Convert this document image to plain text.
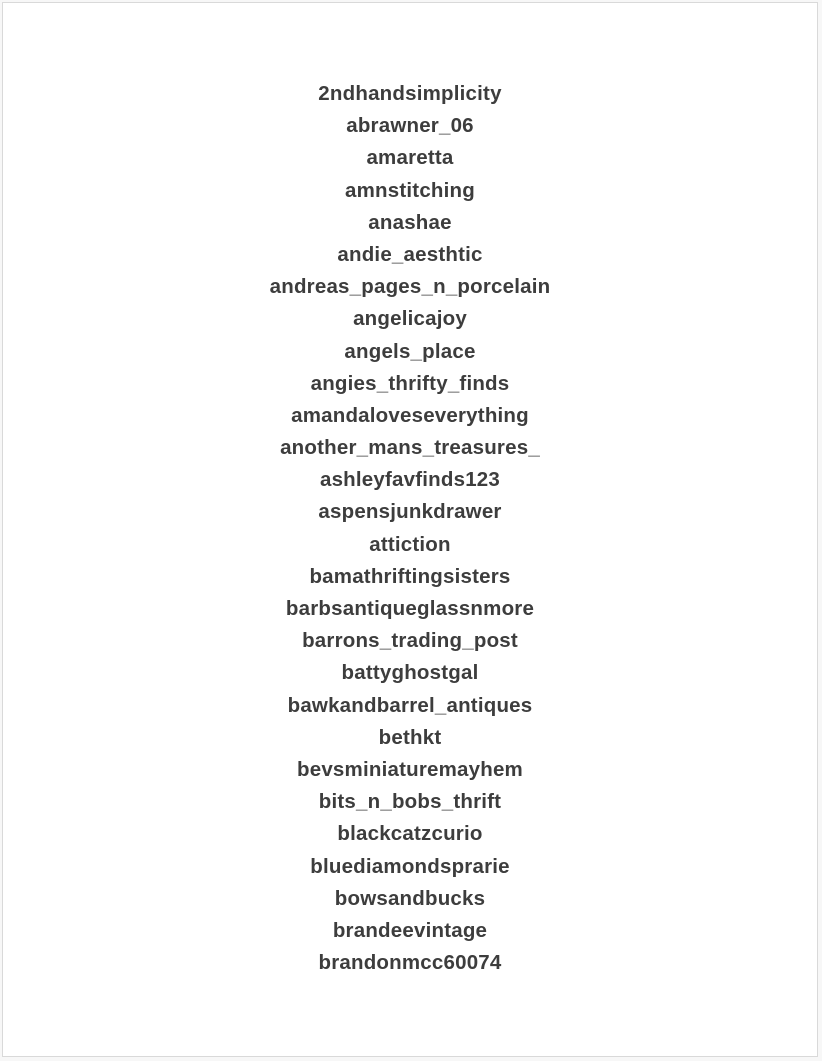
2ndhandsimplicity
abrawner_06
amaretta
amnstitching
anashae
andie_aesthtic
andreas_pages_n_porcelain
angelicajoy
angels_place
angies_thrifty_finds
amandaloveseverything
another_mans_treasures_
ashleyfavfinds123
aspensjunkdrawer
attiction
bamathriftingsisters
barbsantiqueglassnmore
barrons_trading_post
battyghostgal
bawkandbarrel_antiques
bethkt
bevsminiaturemayhem
bits_n_bobs_thrift
blackcatzcurio
bluediamondsprarie
bowsandbucks
brandeevintage
brandonmcc60074
